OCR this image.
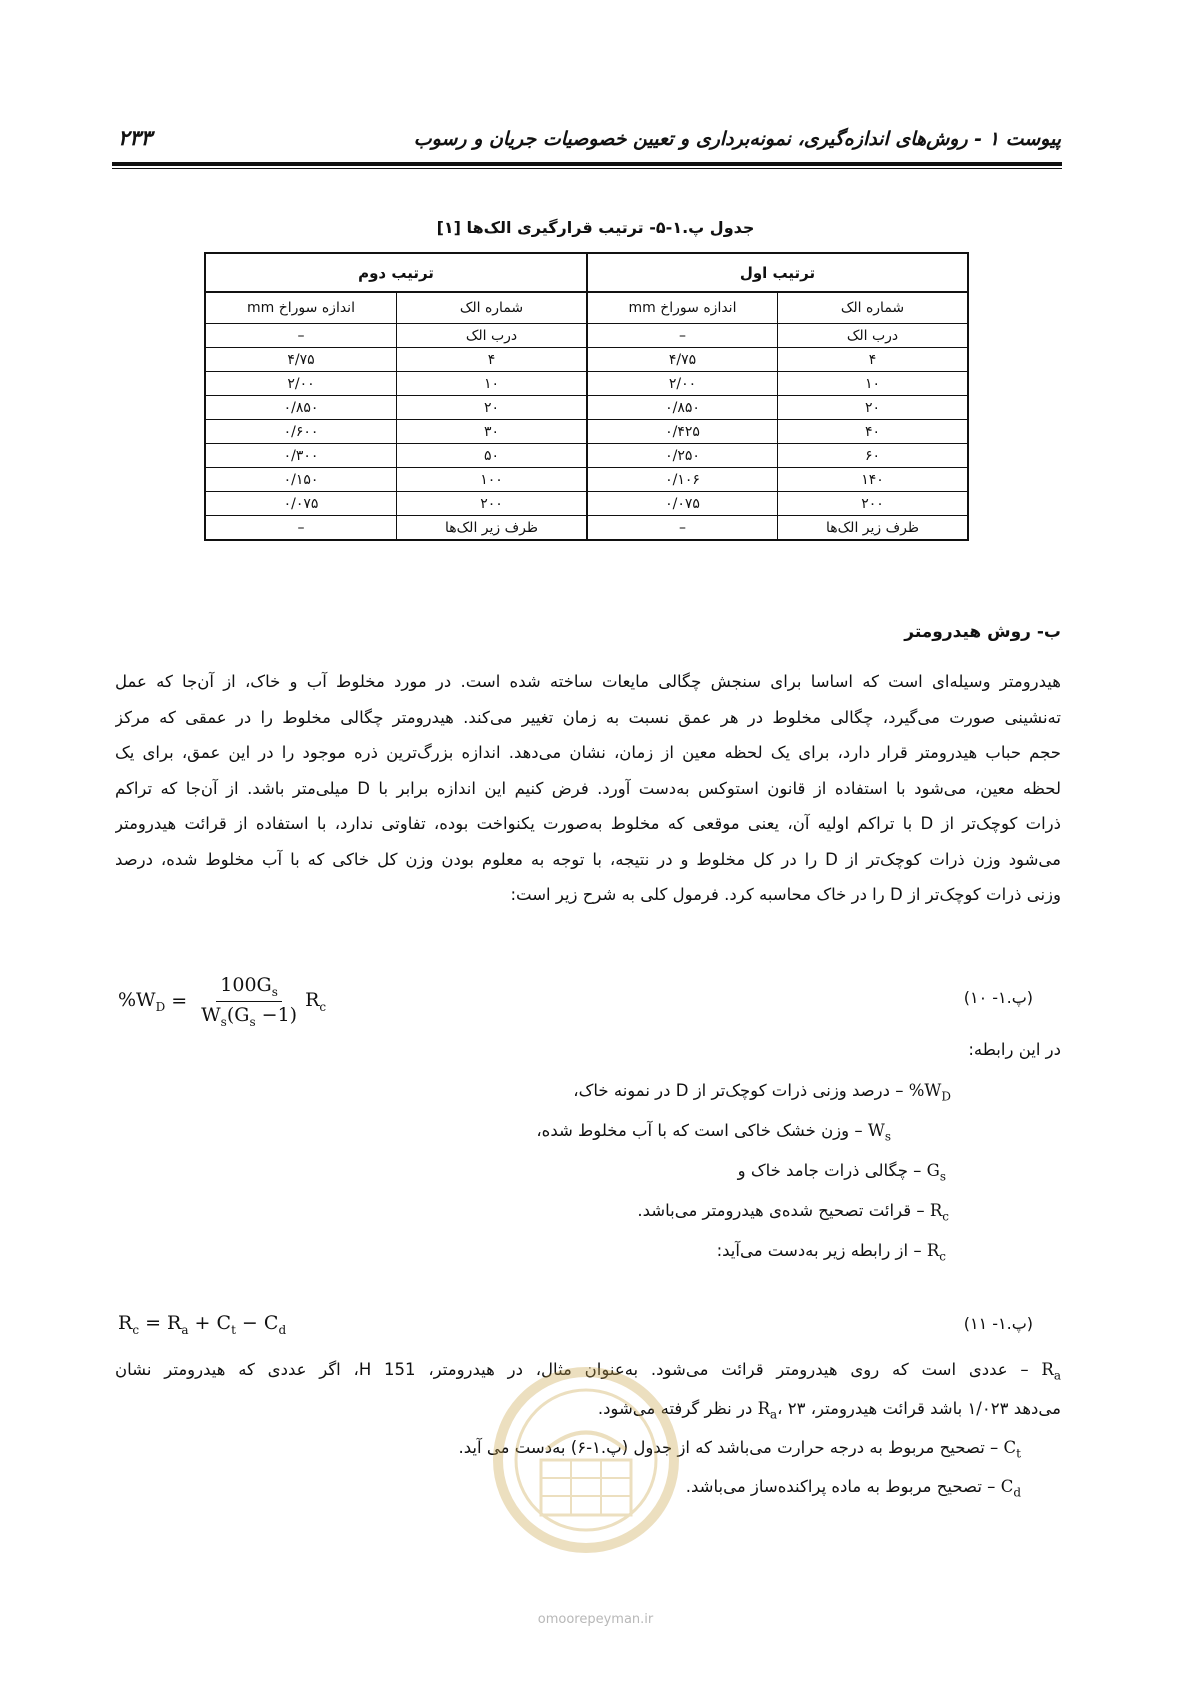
پیوست ۱ - روش‌های اندازه‌گیری، نمونه‌برداری و تعیین خصوصیات جریان و رسوب
۲۳۳
جدول پ.۱-۵- ترتیب قرارگیری الک‌ها [۱]
ترتیب اول		ترتیب دوم	
شماره الک	اندازه سوراخ mm	شماره الک	اندازه سوراخ mm
درب الک	–	درب الک	–
۴	۴/۷۵	۴	۴/۷۵
۱۰	۲/۰۰	۱۰	۲/۰۰
۲۰	۰/۸۵۰	۲۰	۰/۸۵۰
۴۰	۰/۴۲۵	۳۰	۰/۶۰۰
۶۰	۰/۲۵۰	۵۰	۰/۳۰۰
۱۴۰	۰/۱۰۶	۱۰۰	۰/۱۵۰
۲۰۰	۰/۰۷۵	۲۰۰	۰/۰۷۵
ظرف زیر الک‌ها	–	ظرف زیر الک‌ها	–
ب- روش هیدرومتر
هیدرومتر وسیله‌ای است که اساسا برای سنجش چگالی مایعات ساخته شده است. در مورد مخلوط آب و خاک، از آن‌جا که عمل
ته‌نشینی صورت می‌گیرد، چگالی مخلوط در هر عمق نسبت به زمان تغییر می‌کند. هیدرومتر چگالی مخلوط را در عمقی که مرکز
حجم حباب هیدرومتر قرار دارد، برای یک لحظه معین از زمان، نشان می‌دهد. اندازه بزرگ‌ترین ذره موجود را در این عمق، برای یک
لحظه معین، می‌شود با استفاده از قانون استوکس به‌دست آورد. فرض کنیم این اندازه برابر با D میلی‌متر باشد. از آن‌جا که تراکم
ذرات کوچک‌تر از D با تراکم اولیه آن، یعنی موقعی که مخلوط به‌صورت یکنواخت بوده، تفاوتی ندارد، با استفاده از قرائت هیدرومتر
می‌شود وزن ذرات کوچک‌تر از D را در کل مخلوط و در نتیجه، با توجه به معلوم بودن وزن کل خاکی که با آب مخلوط شده، درصد
وزنی ذرات کوچک‌تر از D را در خاک محاسبه کرد. فرمول کلی به شرح زیر است:
$\%W_D = \frac{100G_s}{W_s(G_s -1)} R_c$	(پ.۱- ۱۰)
در این رابطه:
$\%W_D$ – درصد وزنی ذرات کوچک‌تر از D در نمونه خاک،
$W_s$ – وزن خشک خاکی است که با آب مخلوط شده،
$G_s$ – چگالی ذرات جامد خاک و
$R_c$ – قرائت تصحیح شده‌ی هیدرومتر می‌باشد.
$R_c$ – از رابطه زیر به‌دست می‌آید:
$R_c = R_a + C_t - C_d$	(پ.۱- ۱۱)
$R_a$ – عددی است که روی هیدرومتر قرائت می‌شود. به‌عنوان مثال، در هیدرومتر، H 151، اگر عددی که هیدرومتر نشان
می‌دهد ۱/۰۲۳ باشد قرائت هیدرومتر، $R_a،$ ۲۳ در نظر گرفته می‌شود.
$C_t$ – تصحیح مربوط به درجه حرارت می‌باشد که از جدول (پ.۱-۶) به‌دست می آید.
$C_d$ – تصحیح مربوط به ماده پراکنده‌ساز می‌باشد.
omoorepeyman.ir
